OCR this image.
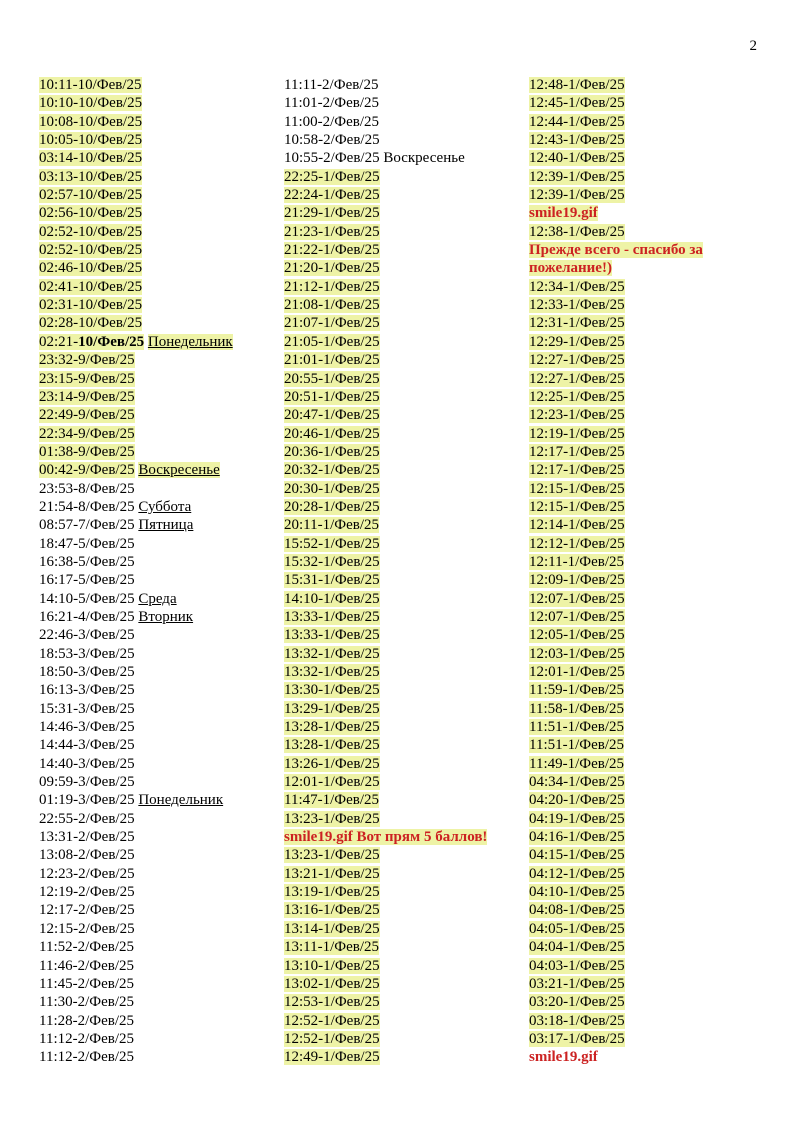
2
10:11-10/Фев/25
10:10-10/Фев/25
10:08-10/Фев/25
10:05-10/Фев/25
03:14-10/Фев/25
03:13-10/Фев/25
02:57-10/Фев/25
02:56-10/Фев/25
02:52-10/Фев/25
02:52-10/Фев/25
02:46-10/Фев/25
02:41-10/Фев/25
02:31-10/Фев/25
02:28-10/Фев/25
02:21-10/Фев/25 Понедельник
23:32-9/Фев/25
23:15-9/Фев/25
23:14-9/Фев/25
22:49-9/Фев/25
22:34-9/Фев/25
01:38-9/Фев/25
00:42-9/Фев/25 Воскресенье
23:53-8/Фев/25
21:54-8/Фев/25 Суббота
08:57-7/Фев/25 Пятница
18:47-5/Фев/25
16:38-5/Фев/25
16:17-5/Фев/25
14:10-5/Фев/25 Среда
16:21-4/Фев/25 Вторник
22:46-3/Фев/25
18:53-3/Фев/25
18:50-3/Фев/25
16:13-3/Фев/25
15:31-3/Фев/25
14:46-3/Фев/25
14:44-3/Фев/25
14:40-3/Фев/25
09:59-3/Фев/25
01:19-3/Фев/25 Понедельник
22:55-2/Фев/25
13:31-2/Фев/25
13:08-2/Фев/25
12:23-2/Фев/25
12:19-2/Фев/25
12:17-2/Фев/25
12:15-2/Фев/25
11:52-2/Фев/25
11:46-2/Фев/25
11:45-2/Фев/25
11:30-2/Фев/25
11:28-2/Фев/25
11:12-2/Фев/25
11:12-2/Фев/25
11:11-2/Фев/25
11:01-2/Фев/25
11:00-2/Фев/25
10:58-2/Фев/25
10:55-2/Фев/25 Воскресенье
22:25-1/Фев/25
22:24-1/Фев/25
21:29-1/Фев/25
21:23-1/Фев/25
21:22-1/Фев/25
21:20-1/Фев/25
21:12-1/Фев/25
21:08-1/Фев/25
21:07-1/Фев/25
21:05-1/Фев/25
21:01-1/Фев/25
20:55-1/Фев/25
20:51-1/Фев/25
20:47-1/Фев/25
20:46-1/Фев/25
20:36-1/Фев/25
20:32-1/Фев/25
20:30-1/Фев/25
20:28-1/Фев/25
20:11-1/Фев/25
15:52-1/Фев/25
15:32-1/Фев/25
15:31-1/Фев/25
14:10-1/Фев/25
13:33-1/Фев/25
13:33-1/Фев/25
13:32-1/Фев/25
13:32-1/Фев/25
13:30-1/Фев/25
13:29-1/Фев/25
13:28-1/Фев/25
13:28-1/Фев/25
13:26-1/Фев/25
12:01-1/Фев/25
11:47-1/Фев/25
13:23-1/Фев/25
smile19.gif Вот прям 5 баллов!
13:23-1/Фев/25
13:21-1/Фев/25
13:19-1/Фев/25
13:16-1/Фев/25
13:14-1/Фев/25
13:11-1/Фев/25
13:10-1/Фев/25
13:02-1/Фев/25
12:53-1/Фев/25
12:52-1/Фев/25
12:52-1/Фев/25
12:49-1/Фев/25
12:48-1/Фев/25
12:45-1/Фев/25
12:44-1/Фев/25
12:43-1/Фев/25
12:40-1/Фев/25
12:39-1/Фев/25
12:39-1/Фев/25
smile19.gif
12:38-1/Фев/25
Прежде всего - спасибо за
пожелание!)
12:34-1/Фев/25
12:33-1/Фев/25
12:31-1/Фев/25
12:29-1/Фев/25
12:27-1/Фев/25
12:27-1/Фев/25
12:25-1/Фев/25
12:23-1/Фев/25
12:19-1/Фев/25
12:17-1/Фев/25
12:17-1/Фев/25
12:15-1/Фев/25
12:15-1/Фев/25
12:14-1/Фев/25
12:12-1/Фев/25
12:11-1/Фев/25
12:09-1/Фев/25
12:07-1/Фев/25
12:07-1/Фев/25
12:05-1/Фев/25
12:03-1/Фев/25
12:01-1/Фев/25
11:59-1/Фев/25
11:58-1/Фев/25
11:51-1/Фев/25
11:51-1/Фев/25
11:49-1/Фев/25
04:34-1/Фев/25
04:20-1/Фев/25
04:19-1/Фев/25
04:16-1/Фев/25
04:15-1/Фев/25
04:12-1/Фев/25
04:10-1/Фев/25
04:08-1/Фев/25
04:05-1/Фев/25
04:04-1/Фев/25
04:03-1/Фев/25
03:21-1/Фев/25
03:20-1/Фев/25
03:18-1/Фев/25
03:17-1/Фев/25
smile19.gif
